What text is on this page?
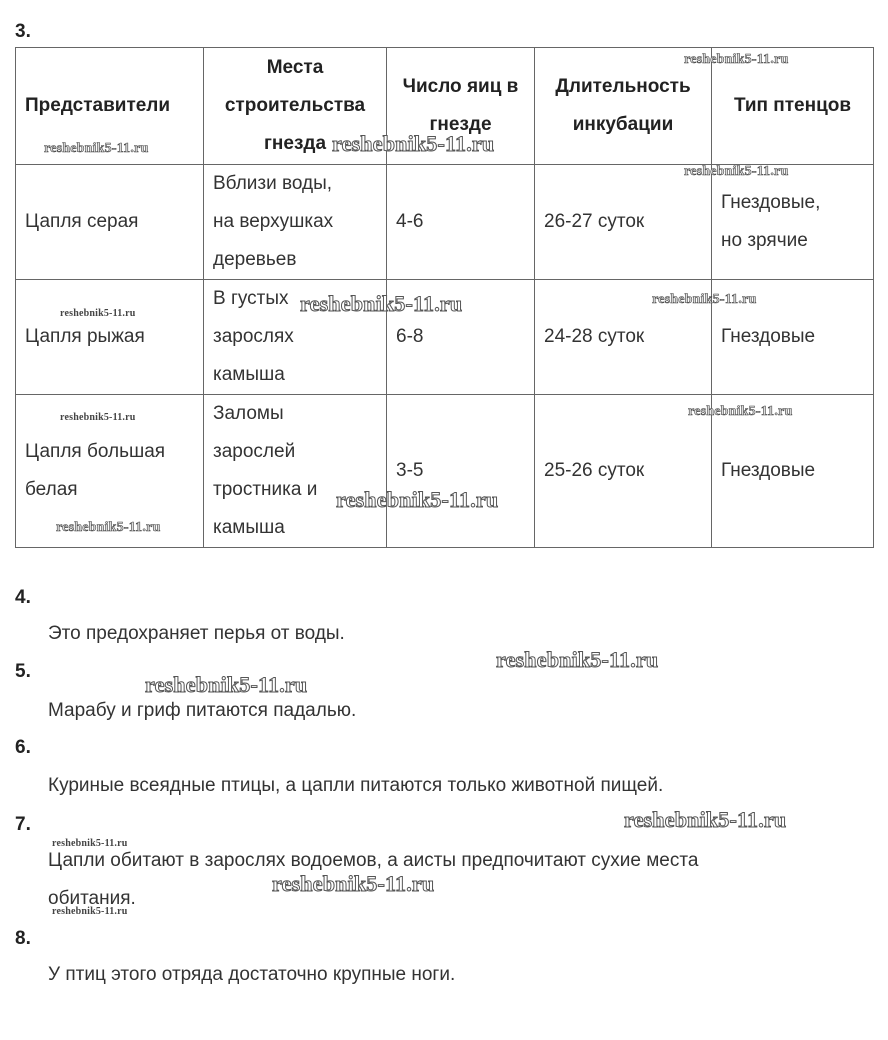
3.
Представители	Места строительства гнезда	Число яиц в гнезде	Длительность инкубации	Тип птенцов

Цапля серая	Вблизи воды,
на верхушках
деревьев	4-6	26-27 суток	Гнездовые,
но зрячие

Цапля рыжая	В густых
зарослях
камыша	6-8	24-28 суток	Гнездовые

Цапля большая
белая	Заломы
зарослей
тростника и
камыша	3-5	25-26 суток	Гнездовые
4.
Это предохраняет перья от воды.
5.
Марабу и гриф питаются падалью.
6.
Куриные всеядные птицы, а цапли питаются только животной пищей.
7.
Цапли обитают в зарослях водоемов, а аисты предпочитают сухие места
обитания.
8.
У птиц этого отряда достаточно крупные ноги.
reshebnik5-11.ru
reshebnik5-11.ru	reshebnik5-11.ru
reshebnik5-11.ru
reshebnik5-11.ru	reshebnik5-11.ru	reshebnik5-11.ru
reshebnik5-11.ru	reshebnik5-11.ru
reshebnik5-11.ru
reshebnik5-11.ru
reshebnik5-11.ru
reshebnik5-11.ru
reshebnik5-11.ru
reshebnik5-11.ru
reshebnik5-11.ru
reshebnik5-11.ru
